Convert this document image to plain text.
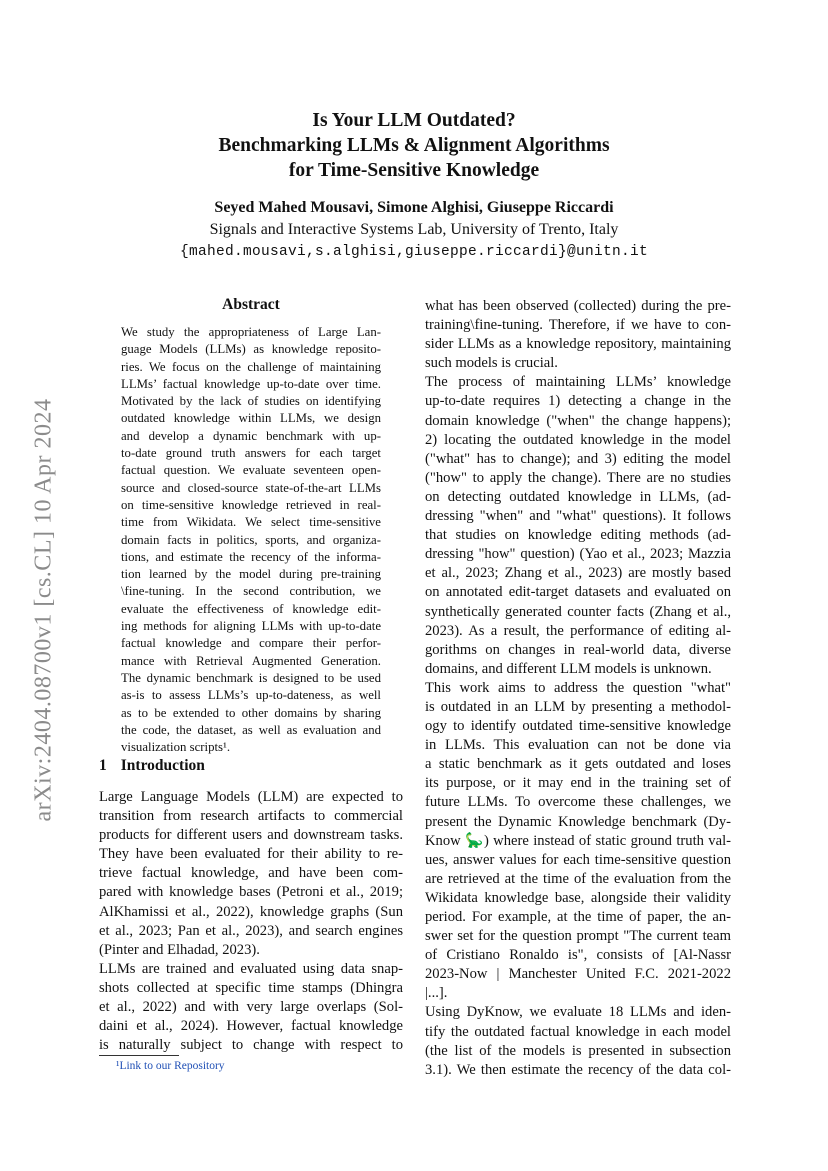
arXiv:2404.08700v1 [cs.CL] 10 Apr 2024
Is Your LLM Outdated?
Benchmarking LLMs & Alignment Algorithms
for Time-Sensitive Knowledge
Seyed Mahed Mousavi, Simone Alghisi, Giuseppe Riccardi
Signals and Interactive Systems Lab, University of Trento, Italy
{mahed.mousavi,s.alghisi,giuseppe.riccardi}@unitn.it
Abstract
We study the appropriateness of Large Lan-
guage Models (LLMs) as knowledge reposito-
ries. We focus on the challenge of maintaining
LLMs’ factual knowledge up-to-date over time.
Motivated by the lack of studies on identifying
outdated knowledge within LLMs, we design
and develop a dynamic benchmark with up-
to-date ground truth answers for each target
factual question. We evaluate seventeen open-
source and closed-source state-of-the-art LLMs
on time-sensitive knowledge retrieved in real-
time from Wikidata. We select time-sensitive
domain facts in politics, sports, and organiza-
tions, and estimate the recency of the informa-
tion learned by the model during pre-training
\fine-tuning. In the second contribution, we
evaluate the effectiveness of knowledge edit-
ing methods for aligning LLMs with up-to-date
factual knowledge and compare their perfor-
mance with Retrieval Augmented Generation.
The dynamic benchmark is designed to be used
as-is to assess LLMs’s up-to-dateness, as well
as to be extended to other domains by sharing
the code, the dataset, as well as evaluation and
visualization scripts¹.
1 Introduction
Large Language Models (LLM) are expected to
transition from research artifacts to commercial
products for different users and downstream tasks.
They have been evaluated for their ability to re-
trieve factual knowledge, and have been com-
pared with knowledge bases (Petroni et al., 2019;
AlKhamissi et al., 2022), knowledge graphs (Sun
et al., 2023; Pan et al., 2023), and search engines
(Pinter and Elhadad, 2023).
LLMs are trained and evaluated using data snap-
shots collected at specific time stamps (Dhingra
et al., 2022) and with very large overlaps (Sol-
daini et al., 2024). However, factual knowledge
is naturally subject to change with respect to
¹Link to our Repository
what has been observed (collected) during the pre-
training\fine-tuning. Therefore, if we have to con-
sider LLMs as a knowledge repository, maintaining
such models is crucial.
The process of maintaining LLMs’ knowledge
up-to-date requires 1) detecting a change in the
domain knowledge ("when" the change happens);
2) locating the outdated knowledge in the model
("what" has to change); and 3) editing the model
("how" to apply the change). There are no studies
on detecting outdated knowledge in LLMs, (ad-
dressing "when" and "what" questions). It follows
that studies on knowledge editing methods (ad-
dressing "how" question) (Yao et al., 2023; Mazzia
et al., 2023; Zhang et al., 2023) are mostly based
on annotated edit-target datasets and evaluated on
synthetically generated counter facts (Zhang et al.,
2023). As a result, the performance of editing al-
gorithms on changes in real-world data, diverse
domains, and different LLM models is unknown.
This work aims to address the question "what"
is outdated in an LLM by presenting a methodol-
ogy to identify outdated time-sensitive knowledge
in LLMs. This evaluation can not be done via
a static benchmark as it gets outdated and loses
its purpose, or it may end in the training set of
future LLMs. To overcome these challenges, we
present the Dynamic Knowledge benchmark (Dy-
Know 🦕) where instead of static ground truth val-
ues, answer values for each time-sensitive question
are retrieved at the time of the evaluation from the
Wikidata knowledge base, alongside their validity
period. For example, at the time of paper, the an-
swer set for the question prompt "The current team
of Cristiano Ronaldo is", consists of [Al-Nassr
2023-Now | Manchester United F.C. 2021-2022
|...].
Using DyKnow, we evaluate 18 LLMs and iden-
tify the outdated factual knowledge in each model
(the list of the models is presented in subsection
3.1). We then estimate the recency of the data col-
